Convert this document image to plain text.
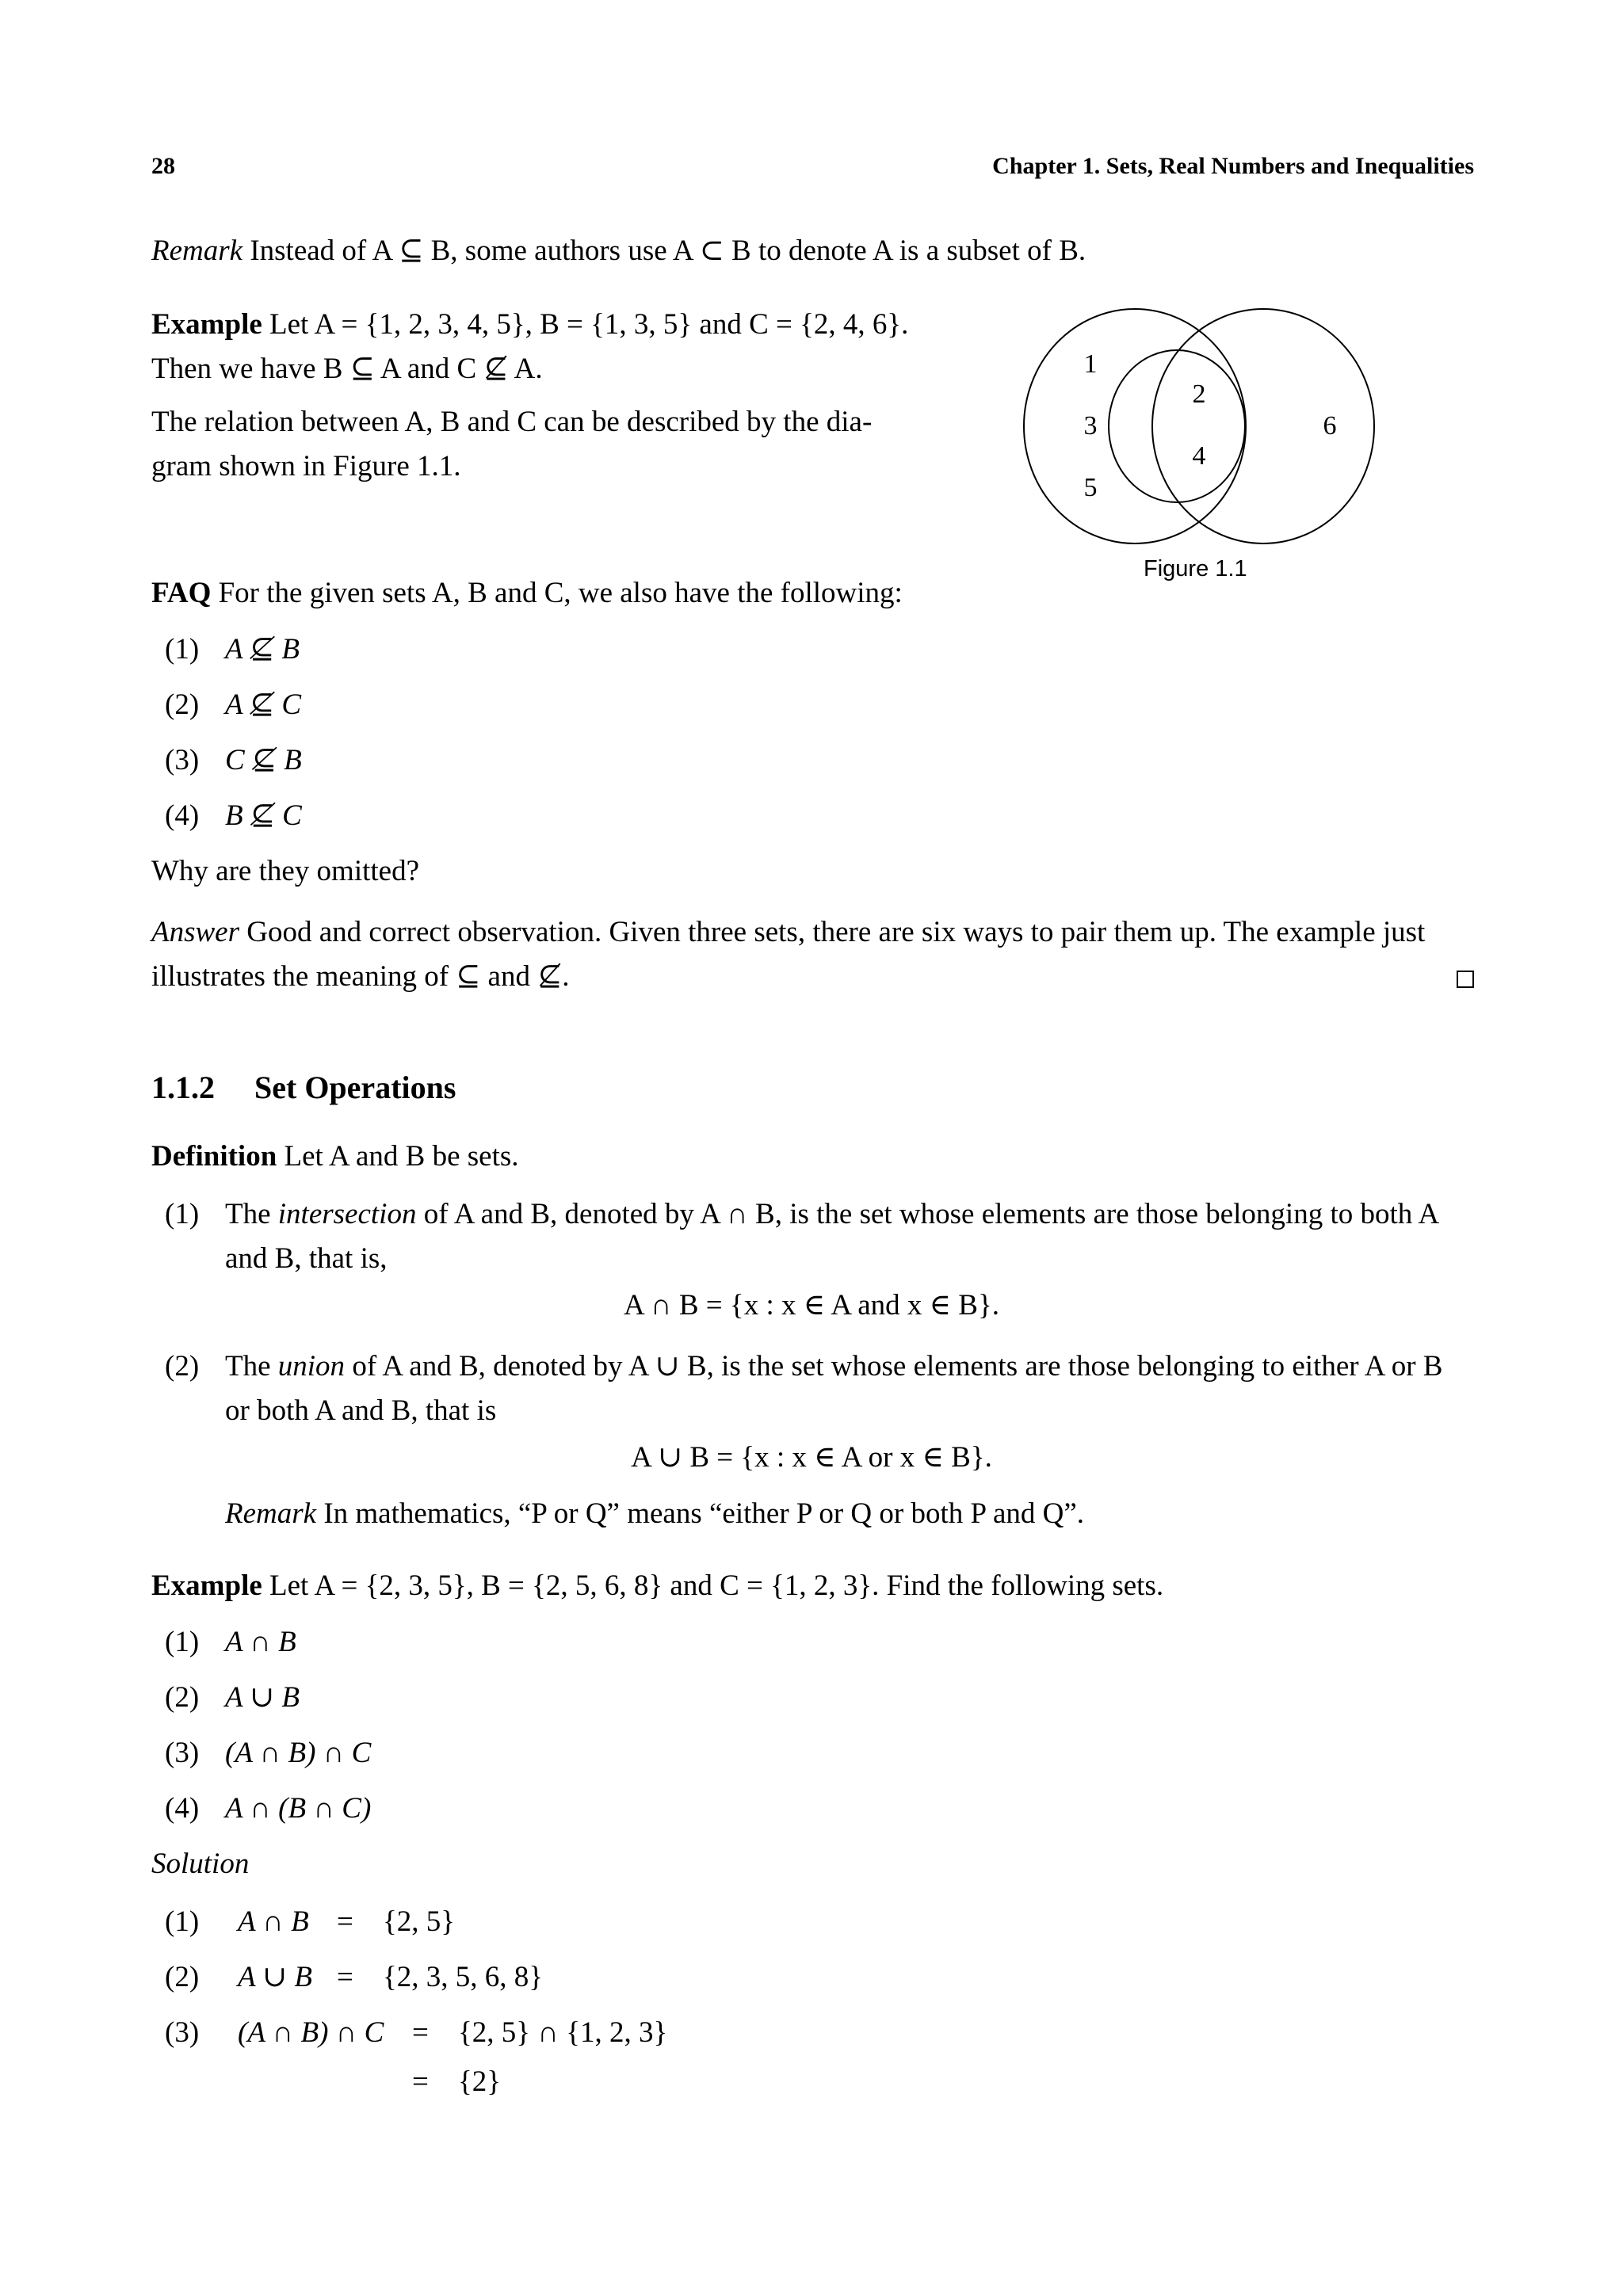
28	Chapter 1. Sets, Real Numbers and Inequalities
Remark Instead of A ⊆ B, some authors use A ⊂ B to denote A is a subset of B.
Example Let A = {1, 2, 3, 4, 5}, B = {1, 3, 5} and C = {2, 4, 6}.
Then we have B ⊆ A and C ⊈ A.
The relation between A, B and C can be described by the dia-
gram shown in Figure 1.1.
1
3
5
2
4
6
Figure 1.1
FAQ For the given sets A, B and C, we also have the following:
(1) A ⊈ B
(2) A ⊈ C
(3) C ⊈ B
(4) B ⊈ C
Why are they omitted?
Answer Good and correct observation. Given three sets, there are six ways to pair them up. The example just
illustrates the meaning of ⊆ and ⊈.
1.1.2 Set Operations
Definition Let A and B be sets.
(1) The intersection of A and B, denoted by A ∩ B, is the set whose elements are those belonging to both A
and B, that is,
A ∩ B = {x : x ∈ A and x ∈ B}.
(2) The union of A and B, denoted by A ∪ B, is the set whose elements are those belonging to either A or B
or both A and B, that is
A ∪ B = {x : x ∈ A or x ∈ B}.
Remark In mathematics, “P or Q” means “either P or Q or both P and Q”.
Example Let A = {2, 3, 5}, B = {2, 5, 6, 8} and C = {1, 2, 3}. Find the following sets.
(1) A ∩ B
(2) A ∪ B
(3) (A ∩ B) ∩ C
(4) A ∩ (B ∩ C)
Solution
(1) A ∩ B = {2, 5}
(2) A ∪ B = {2, 3, 5, 6, 8}
(3) (A ∩ B) ∩ C = {2, 5} ∩ {1, 2, 3}
= {2}
